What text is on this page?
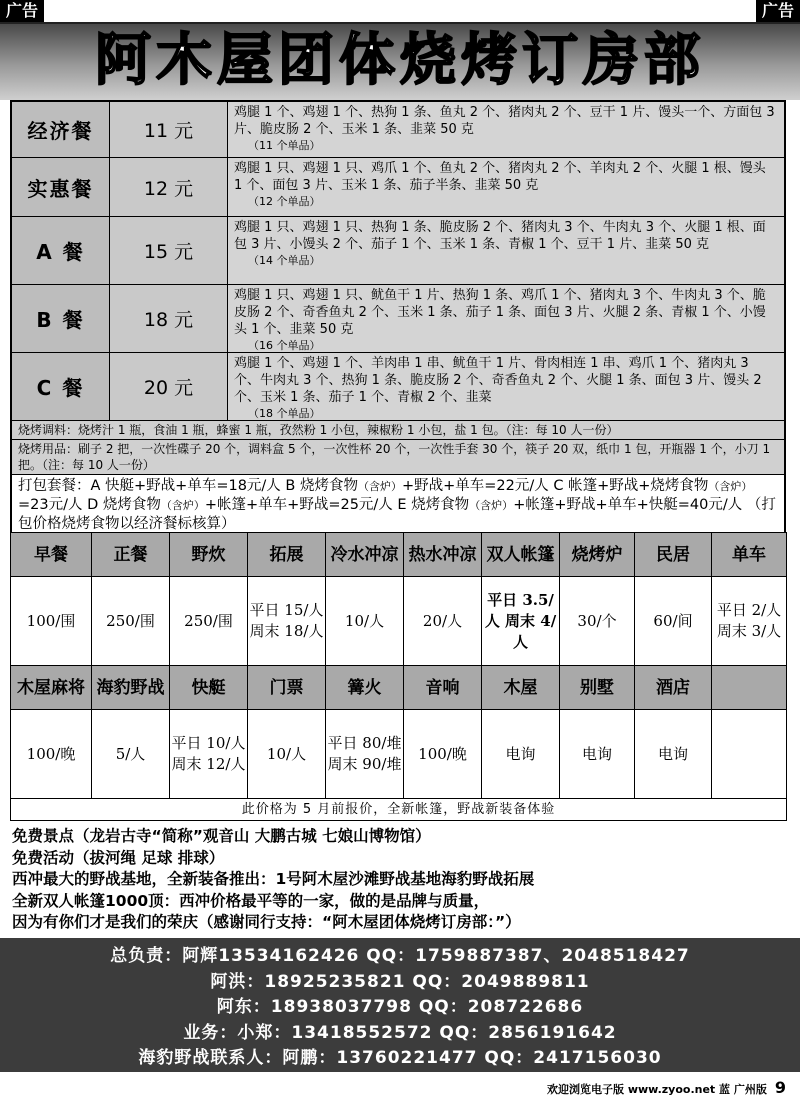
广告	广告
阿木屋团体烧烤订房部
经济餐	11 元
鸡腿 1 个、鸡翅 1 个、热狗 1 条、鱼丸 2 个、猪肉丸 2 个、豆干 1 片、馒头一个、方面包 3 片、脆皮肠 2 个、玉米 1 条、韭菜 50 克
（11 个单品）
实惠餐	12 元
鸡腿 1 只、鸡翅 1 只、鸡爪 1 个、鱼丸 2 个、猪肉丸 2 个、羊肉丸 2 个、火腿 1 根、馒头 1 个、面包 3 片、玉米 1 条、茄子半条、韭菜 50 克
（12 个单品）
A 餐	15 元
鸡腿 1 只、鸡翅 1 只、热狗 1 条、脆皮肠 2 个、猪肉丸 3 个、牛肉丸 3 个、火腿 1 根、面包 3 片、小馒头 2 个、茄子 1 个、玉米 1 条、青椒 1 个、豆干 1 片、韭菜 50 克
（14 个单品）
B 餐	18 元
鸡腿 1 只、鸡翅 1 只、鱿鱼干 1 片、热狗 1 条、鸡爪 1 个、猪肉丸 3 个、牛肉丸 3 个、脆皮肠 2 个、奇香鱼丸 2 个、玉米 1 条、茄子 1 条、面包 3 片、火腿 2 条、青椒 1 个、小馒头 1 个、韭菜 50 克
（16 个单品）
C 餐	20 元
鸡腿 1 个、鸡翅 1 个、羊肉串 1 串、鱿鱼干 1 片、骨肉相连 1 串、鸡爪 1 个、猪肉丸 3 个、牛肉丸 3 个、热狗 1 条、脆皮肠 2 个、奇香鱼丸 2 个、火腿 1 条、面包 3 片、馒头 2 个、玉米 1 条、茄子 1 个、青椒 2 个、韭菜
（18 个单品）
烧烤调料：烧烤汁 1 瓶，食油 1 瓶，蜂蜜 1 瓶，孜然粉 1 小包，辣椒粉 1 小包，盐 1 包。（注：每 10 人一份）
烧烤用品：刷子 2 把，一次性碟子 20 个，调料盒 5 个，一次性杯 20 个，一次性手套 30 个，筷子 20 双，纸巾 1 包，开瓶器 1 个，小刀 1 把。（注：每 10 人一份）
打包套餐：A 快艇+野战+单车=18元/人 B 烧烤食物（含炉）+野战+单车=22元/人 C 帐篷+野战+烧烤食物（含炉）=23元/人 D 烧烤食物（含炉）+帐篷+单车+野战=25元/人 E 烧烤食物（含炉）+帐篷+野战+单车+快艇=40元/人 （打包价格烧烤食物以经济餐标核算）
早餐	正餐	野炊	拓展	冷水冲凉	热水冲凉	双人帐篷	烧烤炉	民居	单车
100/围	250/围	250/围	平日 15/人 周末 18/人	10/人	20/人	平日 3.5/人 周末 4/人	30/个	60/间	平日 2/人 周末 3/人
木屋麻将	海豹野战	快艇	门票	篝火	音响	木屋	别墅	酒店	
100/晚	5/人	平日 10/人 周末 12/人	10/人	平日 80/堆 周末 90/堆	100/晚	电询	电询	电询	
此价格为 5 月前报价，全新帐篷，野战新装备体验									
免费景点（龙岩古寺“简称”观音山 大鹏古城 七娘山博物馆）
免费活动（拔河绳 足球 排球）
西冲最大的野战基地，全新装备推出：1号阿木屋沙滩野战基地海豹野战拓展
全新双人帐篷1000顶：西冲价格最平等的一家，做的是品牌与质量，
因为有你们才是我们的荣庆（感谢同行支持：“阿木屋团体烧烤订房部：”）
总负责：阿辉13534162426 QQ：1759887387、2048518427
阿洪：18925235821 QQ：2049889811
阿东：18938037798 QQ：208722686
业务：小郑：13418552572 QQ：2856191642
海豹野战联系人：阿鹏：13760221477 QQ：2417156030
欢迎浏览电子版 www.zyoo.net 蓝 广州版 9
